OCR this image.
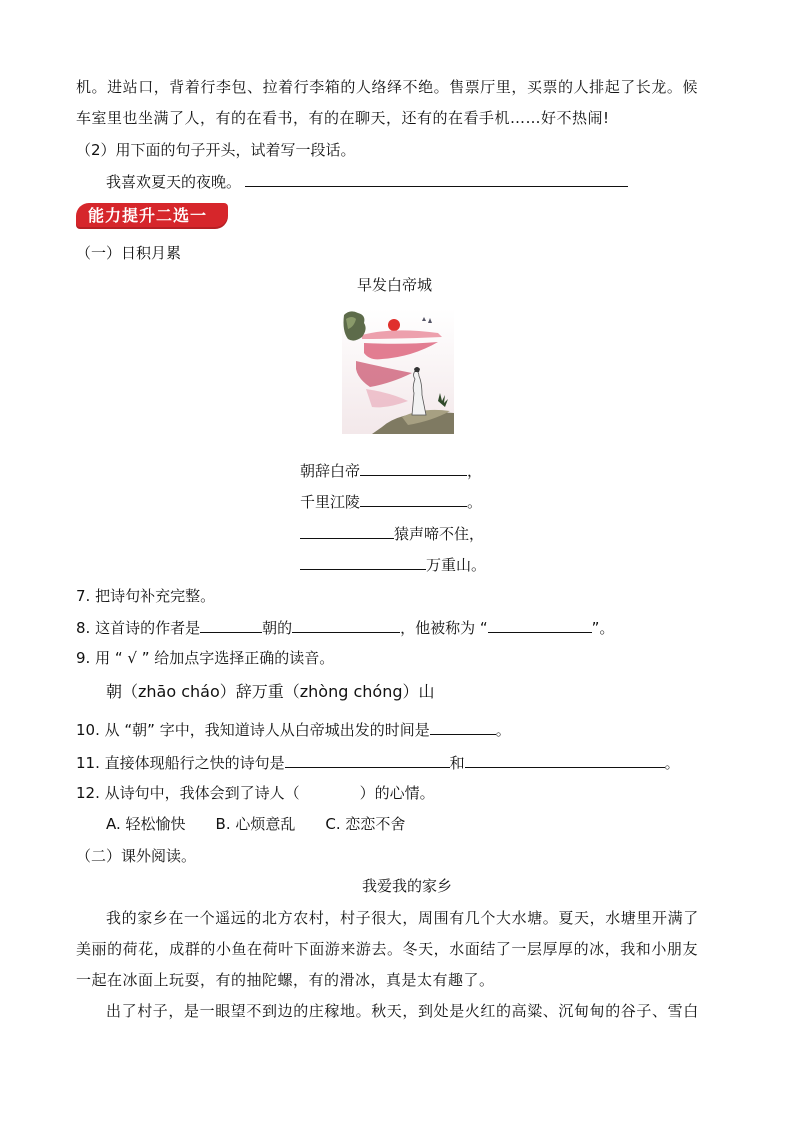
机。进站口，背着行李包、拉着行李箱的人络绎不绝。售票厅里，买票的人排起了长龙。候
车室里也坐满了人，有的在看书，有的在聊天，还有的在看手机……好不热闹!
（2）用下面的句子开头，试着写一段话。
我喜欢夏天的夜晚。
能力提升二选一
（一）日积月累
早发白帝城
朝辞白帝	，
千里江陵	。
猿声啼不住，
万重山。
7. 把诗句补充完整。
8. 这首诗的作者是	朝的	，他被称为 “	”。
9. 用 “ √ ” 给加点字选择正确的读音。
朝（zhāo cháo）辞万重（zhòng chóng）山
10. 从 “朝” 字中，我知道诗人从白帝城出发的时间是	。
11. 直接体现船行之快的诗句是	和	。
12. 从诗句中，我体会到了诗人（　　　　）的心情。
A. 轻松愉快　　B. 心烦意乱　　C. 恋恋不舍
（二）课外阅读。
我爱我的家乡
我的家乡在一个遥远的北方农村，村子很大，周围有几个大水塘。夏天，水塘里开满了
美丽的荷花，成群的小鱼在荷叶下面游来游去。冬天，水面结了一层厚厚的冰，我和小朋友
一起在冰面上玩耍，有的抽陀螺，有的滑冰，真是太有趣了。
出了村子，是一眼望不到边的庄稼地。秋天，到处是火红的高粱、沉甸甸的谷子、雪白
